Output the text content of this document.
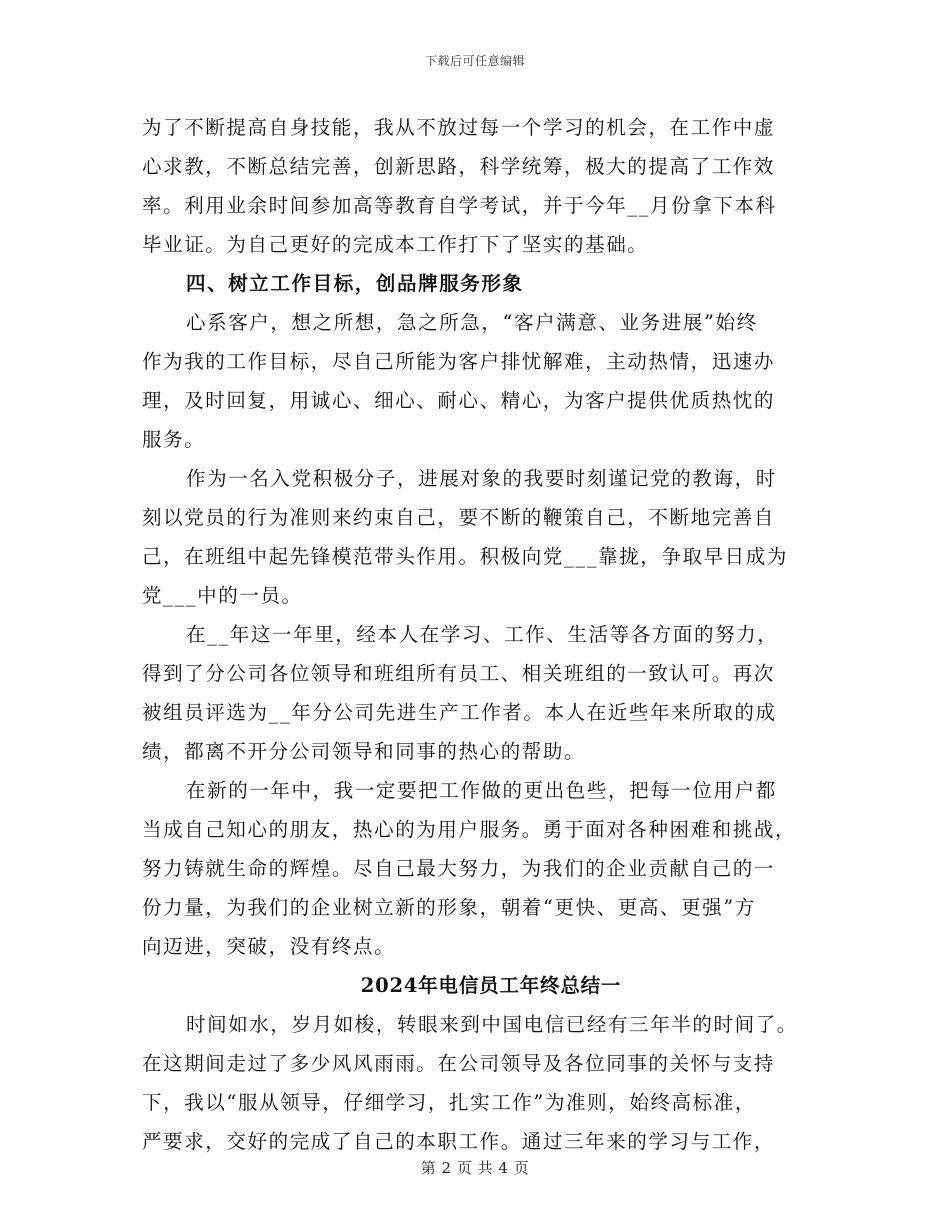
下载后可任意编辑
为了不断提高自身技能，我从不放过每一个学习的机会，在工作中虚
心求教，不断总结完善，创新思路，科学统筹，极大的提高了工作效
率。利用业余时间参加高等教育自学考试，并于今年__月份拿下本科
毕业证。为自己更好的完成本工作打下了坚实的基础。
四、树立工作目标，创品牌服务形象
心系客户，想之所想，急之所急，“客户满意、业务进展”始终
作为我的工作目标，尽自己所能为客户排忧解难，主动热情，迅速办
理，及时回复，用诚心、细心、耐心、精心，为客户提供优质热忱的
服务。
作为一名入党积极分子，进展对象的我要时刻谨记党的教诲，时
刻以党员的行为准则来约束自己，要不断的鞭策自己，不断地完善自
己，在班组中起先锋模范带头作用。积极向党___靠拢，争取早日成为
党___中的一员。
在__年这一年里，经本人在学习、工作、生活等各方面的努力，
得到了分公司各位领导和班组所有员工、相关班组的一致认可。再次
被组员评选为__年分公司先进生产工作者。本人在近些年来所取的成
绩，都离不开分公司领导和同事的热心的帮助。
在新的一年中，我一定要把工作做的更出色些，把每一位用户都
当成自己知心的朋友，热心的为用户服务。勇于面对各种困难和挑战，
努力铸就生命的辉煌。尽自己最大努力，为我们的企业贡献自己的一
份力量，为我们的企业树立新的形象，朝着“更快、更高、更强”方
向迈进，突破，没有终点。
2024年电信员工年终总结一
时间如水，岁月如梭，转眼来到中国电信已经有三年半的时间了。
在这期间走过了多少风风雨雨。在公司领导及各位同事的关怀与支持
下，我以“服从领导，仔细学习，扎实工作”为准则，始终高标准，
严要求，交好的完成了自己的本职工作。通过三年来的学习与工作，
第 2 页 共 4 页
